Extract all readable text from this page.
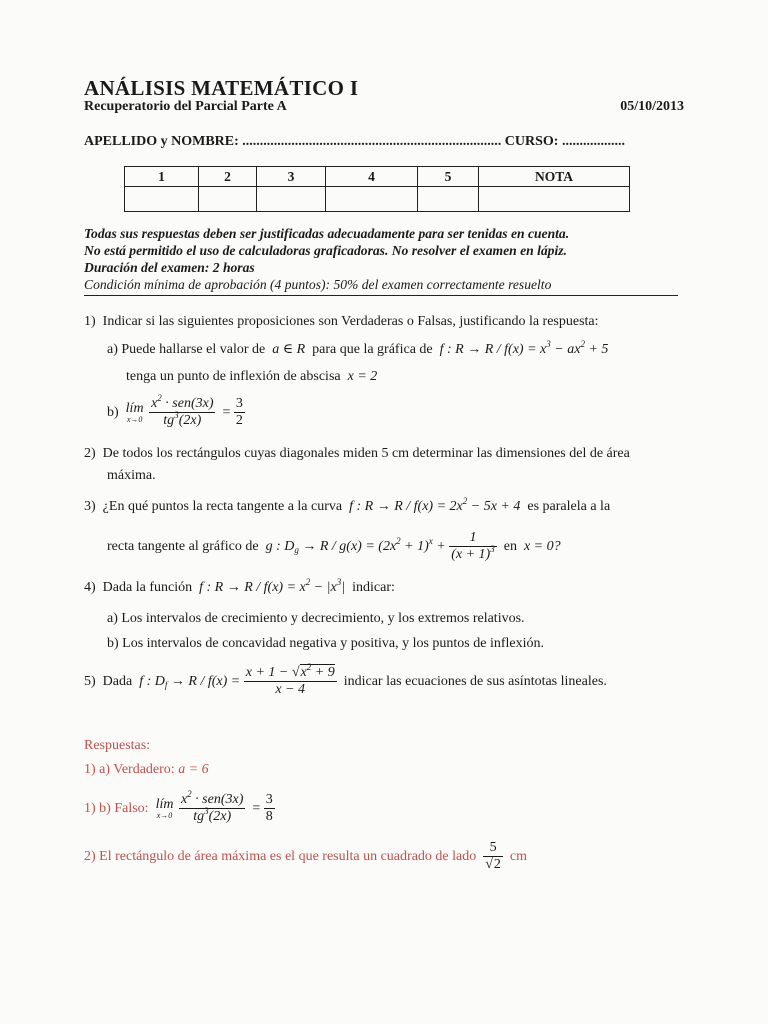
ANÁLISIS MATEMÁTICO I
Recuperatorio del Parcial Parte A	05/10/2013
APELLIDO y NOMBRE: .......................................................................... CURSO: ..................
1	2	3	4	5	NOTA

Todas sus respuestas deben ser justificadas adecuadamente para ser tenidas en cuenta.
No está permitido el uso de calculadoras graficadoras. No resolver el examen en lápiz.
Duración del examen: 2 horas
Condición mínima de aprobación (4 puntos): 50% del examen correctamente resuelto
1) Indicar si las siguientes proposiciones son Verdaderas o Falsas, justificando la respuesta:
a) Puede hallarse el valor de  a ∈ R  para que la gráfica de  f : $R \to R / f(x) = x^3 - ax^2 + 5$
tenga un punto de inflexión de abscisa  x = 2
b) lím
x→0
$\frac{x^2 \cdot sen(3x)}{tg^3(2x)} = \frac{3}{2}$
2) De todos los rectángulos cuyas diagonales miden 5 cm determinar las dimensiones del de área
máxima.
3) ¿En qué puntos la recta tangente a la curva  f : $R \to R / f(x) = 2x^2 - 5x + 4$  es paralela a la
recta tangente al gráfico de  g : $D_g \to R / g(x) = (2x^2 + 1)^x + \frac{1}{(x + 1)^3}$ en  x = 0?
4) Dada la función  f : $R \to R / f(x) = x^2 - |x^3|$  indicar:
a) Los intervalos de crecimiento y decrecimiento, y los extremos relativos.
b) Los intervalos de concavidad negativa y positiva, y los puntos de inflexión.
5) Dada  f : $D_f \to R / f(x) = \frac{x + 1 - √x^2 + 9}{x - 4}$ indicar las ecuaciones de sus asíntotas lineales.
Respuestas:
1) a) Verdadero: a = 6
1) b) Falso: lím
x→0
$\frac{x^2 \cdot sen(3x)}{tg^3(2x)} = \frac{3}{8}$
2) El rectángulo de área máxima es el que resulta un cuadrado de lado $\frac{5}{√2}$ cm
